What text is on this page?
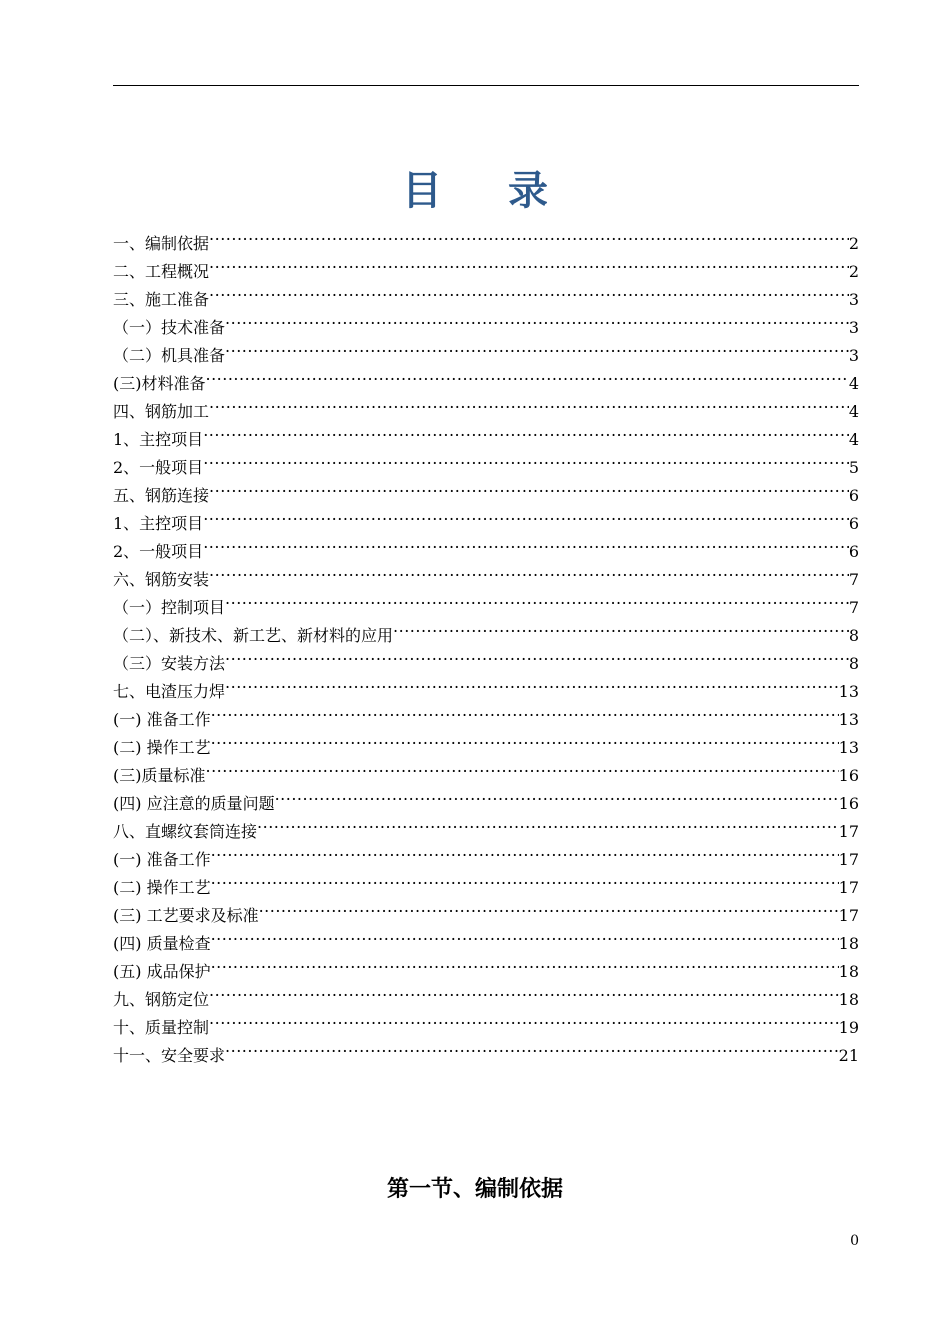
目 录
一、编制依据 .....	2
二、工程概况 .....	2
三、施工准备 .....	3
（一）技术准备 .....	3
（二）机具准备 .....	3
(三)材料准备 .....	4
四、钢筋加工 .....	4
1、主控项目 .....	4
2、一般项目 .....	5
五、钢筋连接 .....	6
1、主控项目 .....	6
2、一般项目 .....	6
六、钢筋安装 .....	7
（一）控制项目 .....	7
（二）、新技术、新工艺、新材料的应用 .....	8
（三）安装方法 .....	8
七、电渣压力焊 .....	13
(一) 准备工作 .....	13
(二) 操作工艺 .....	13
(三)质量标准 .....	16
(四) 应注意的质量问题 .....	16
八、直螺纹套筒连接 .....	17
(一) 准备工作 .....	17
(二) 操作工艺 .....	17
(三) 工艺要求及标准 .....	17
(四) 质量检查 .....	18
(五) 成品保护 .....	18
九、钢筋定位 .....	18
十、质量控制 .....	19
十一、安全要求 .....	21
第一节、编制依据
0
